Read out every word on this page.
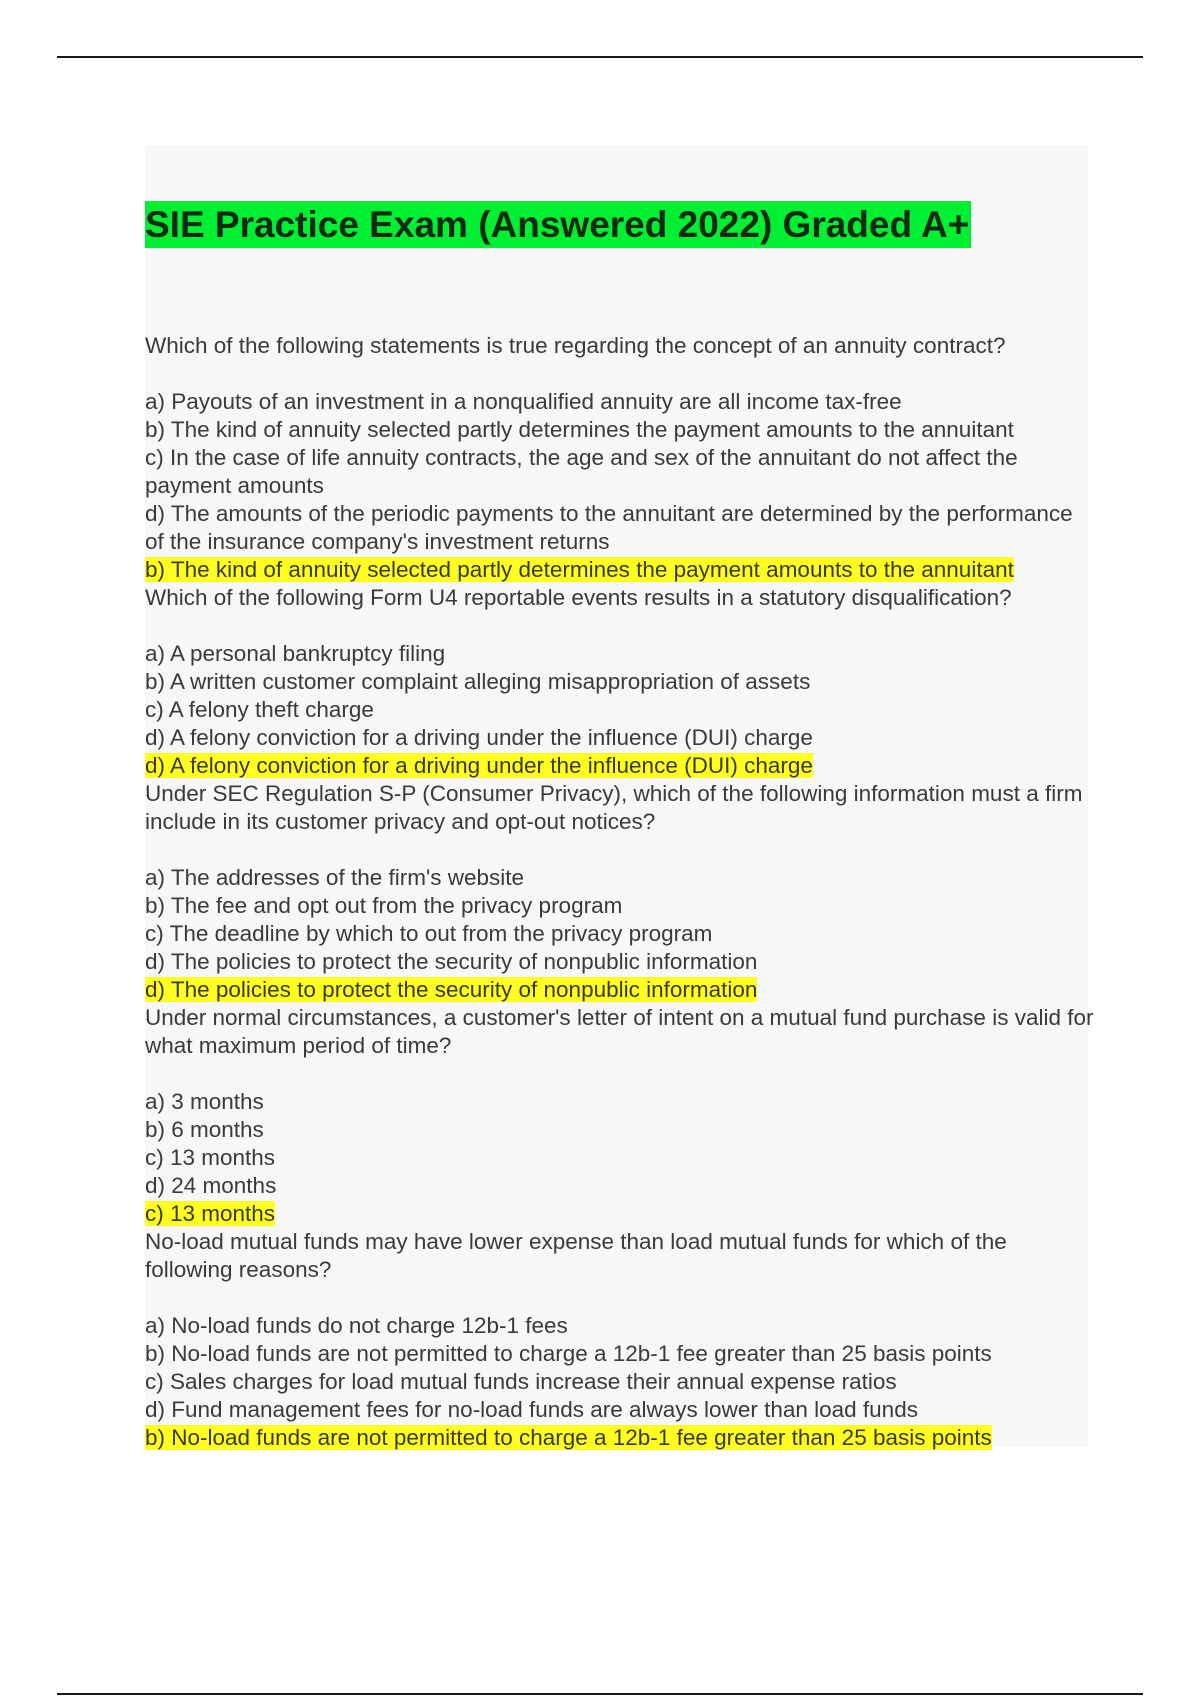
SIE Practice Exam (Answered 2022) Graded A+

Which of the following statements is true regarding the concept of an annuity contract?

a) Payouts of an investment in a nonqualified annuity are all income tax-free

b) The kind of annuity selected partly determines the payment amounts to the annuitant

c) In the case of life annuity contracts, the age and sex of the annuitant do not affect the payment amounts

d) The amounts of the periodic payments to the annuitant are determined by the performance of the insurance company's investment returns

b) The kind of annuity selected partly determines the payment amounts to the annuitant

Which of the following Form U4 reportable events results in a statutory disqualification?

a) A personal bankruptcy filing

b) A written customer complaint alleging misappropriation of assets

c) A felony theft charge

d) A felony conviction for a driving under the influence (DUI) charge

d) A felony conviction for a driving under the influence (DUI) charge

Under SEC Regulation S-P (Consumer Privacy), which of the following information must a firm include in its customer privacy and opt-out notices?

a) The addresses of the firm's website

b) The fee and opt out from the privacy program

c) The deadline by which to out from the privacy program

d) The policies to protect the security of nonpublic information

d) The policies to protect the security of nonpublic information

Under normal circumstances, a customer's letter of intent on a mutual fund purchase is valid for what maximum period of time?

a) 3 months

b) 6 months

c) 13 months

d) 24 months

c) 13 months

No-load mutual funds may have lower expense than load mutual funds for which of the following reasons?

a) No-load funds do not charge 12b-1 fees

b) No-load funds are not permitted to charge a 12b-1 fee greater than 25 basis points

c) Sales charges for load mutual funds increase their annual expense ratios

d) Fund management fees for no-load funds are always lower than load funds

b) No-load funds are not permitted to charge a 12b-1 fee greater than 25 basis points
